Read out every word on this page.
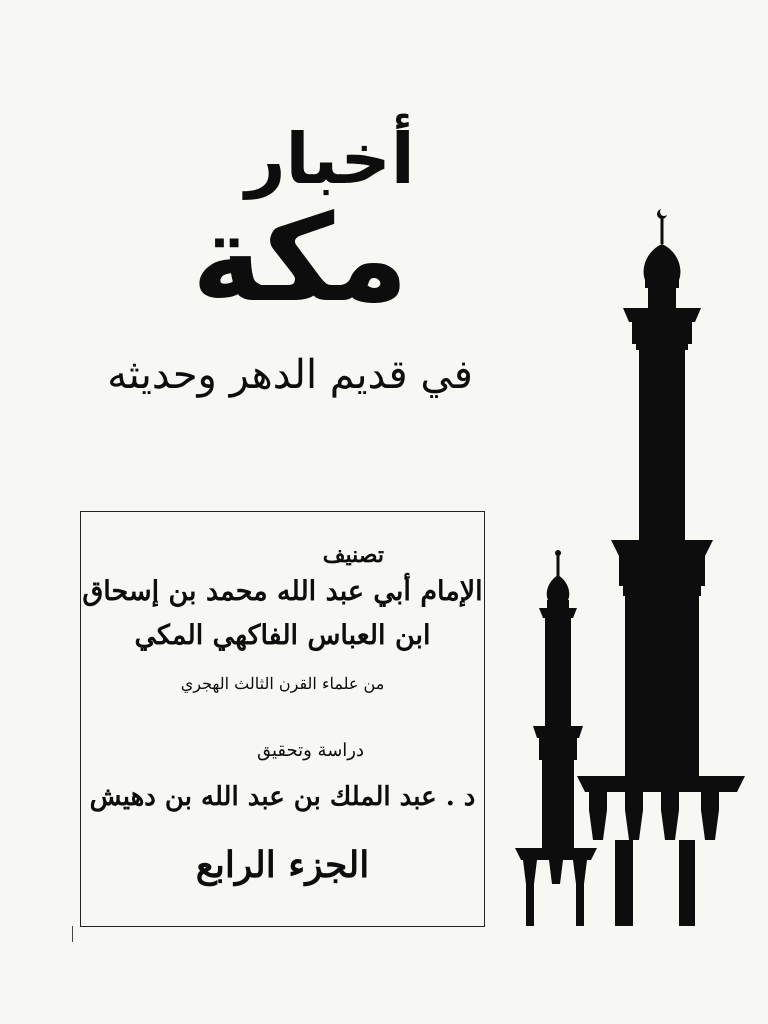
أخبار
مكة
في قديم الدهر وحديثه
تصنيف
الإمام أبي عبد الله محمد بن إسحاق
ابن العباس الفاكهي المكي
من علماء القرن الثالث الهجري
دراسة وتحقيق
د . عبد الملك بن عبد الله بن دهيش
الجزء الرابع
